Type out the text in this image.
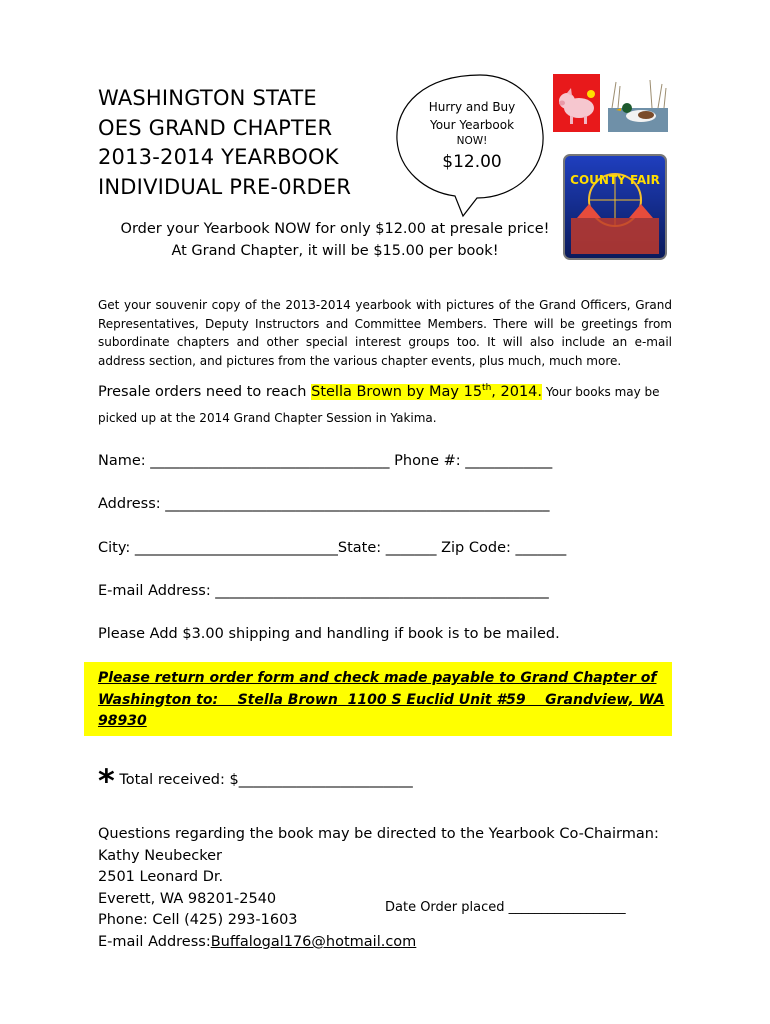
WASHINGTON STATE
OES GRAND CHAPTER
2013-2014 YEARBOOK
INDIVIDUAL PRE-0RDER
Hurry and Buy
Your Yearbook
NOW!
$12.00
COUNTY FAIR
Order your Yearbook NOW for only $12.00 at presale price!
At Grand Chapter, it will be $15.00 per book!
Get your souvenir copy of the 2013-2014 yearbook with pictures of the Grand Officers, Grand Representatives, Deputy Instructors and Committee Members. There will be greetings from subordinate chapters and other special interest groups too. It will also include an e-mail address section, and pictures from the various chapter events, plus much, much more.
Presale orders need to reach Stella Brown by May 15th, 2014. Your books may be
picked up at the 2014 Grand Chapter Session in Yakima.
Name: _________________________________ Phone #: ____________
Address: _____________________________________________________
City: ____________________________State: _______ Zip Code: _______
E-mail Address: ______________________________________________
Please Add $3.00 shipping and handling if book is to be mailed.
Please return order form and check made payable to Grand Chapter of
Washington to:    Stella Brown  1100 S Euclid Unit #59    Grandview, WA
98930
* Total received: $________________________
Questions regarding the book may be directed to the Yearbook Co-Chairman:
Kathy Neubecker
2501 Leonard Dr.
Everett, WA 98201-2540
Phone: Cell (425) 293-1603
E-mail Address:Buffalogal176@hotmail.com
Date Order placed __________________
